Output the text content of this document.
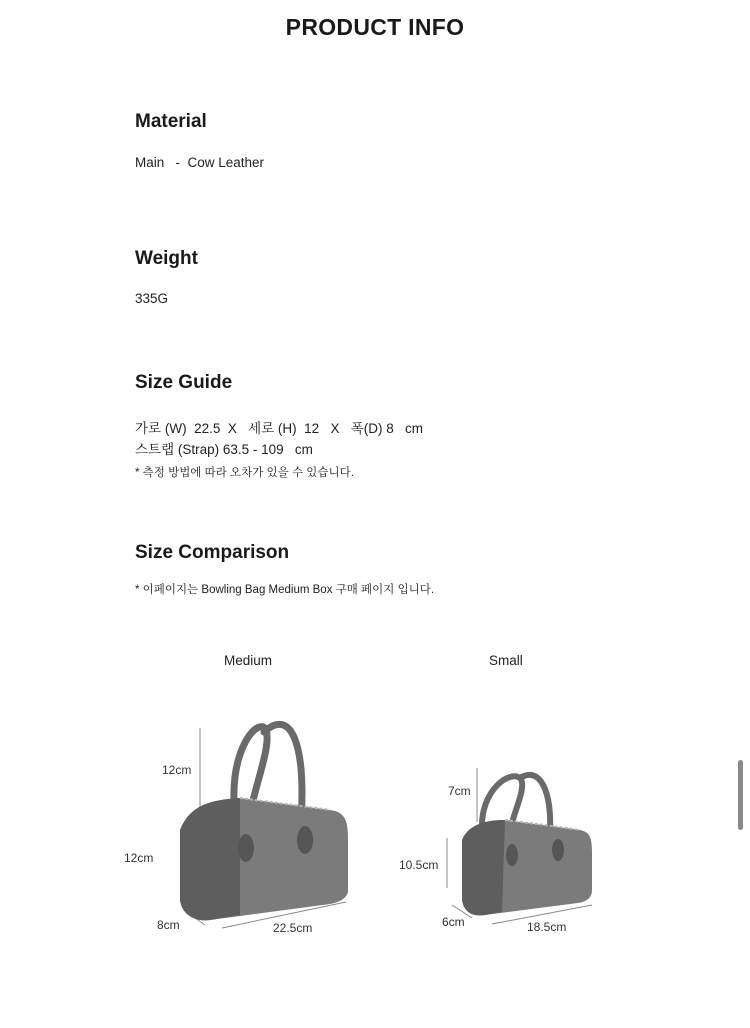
PRODUCT INFO
Material
Main   -  Cow Leather
Weight
335G
Size Guide
가로 (W)  22.5  X   세로 (H)  12   X   폭(D) 8   cm
스트랩 (Strap) 63.5 - 109   cm
* 측정 방법에 따라 오차가 있을 수 있습니다.
Size Comparison
* 이페이지는 Bowling Bag Medium Box 구매 페이지 입니다.
Medium	Small
12cm
12cm
8cm	22.5cm
7cm
10.5cm
6cm	18.5cm
